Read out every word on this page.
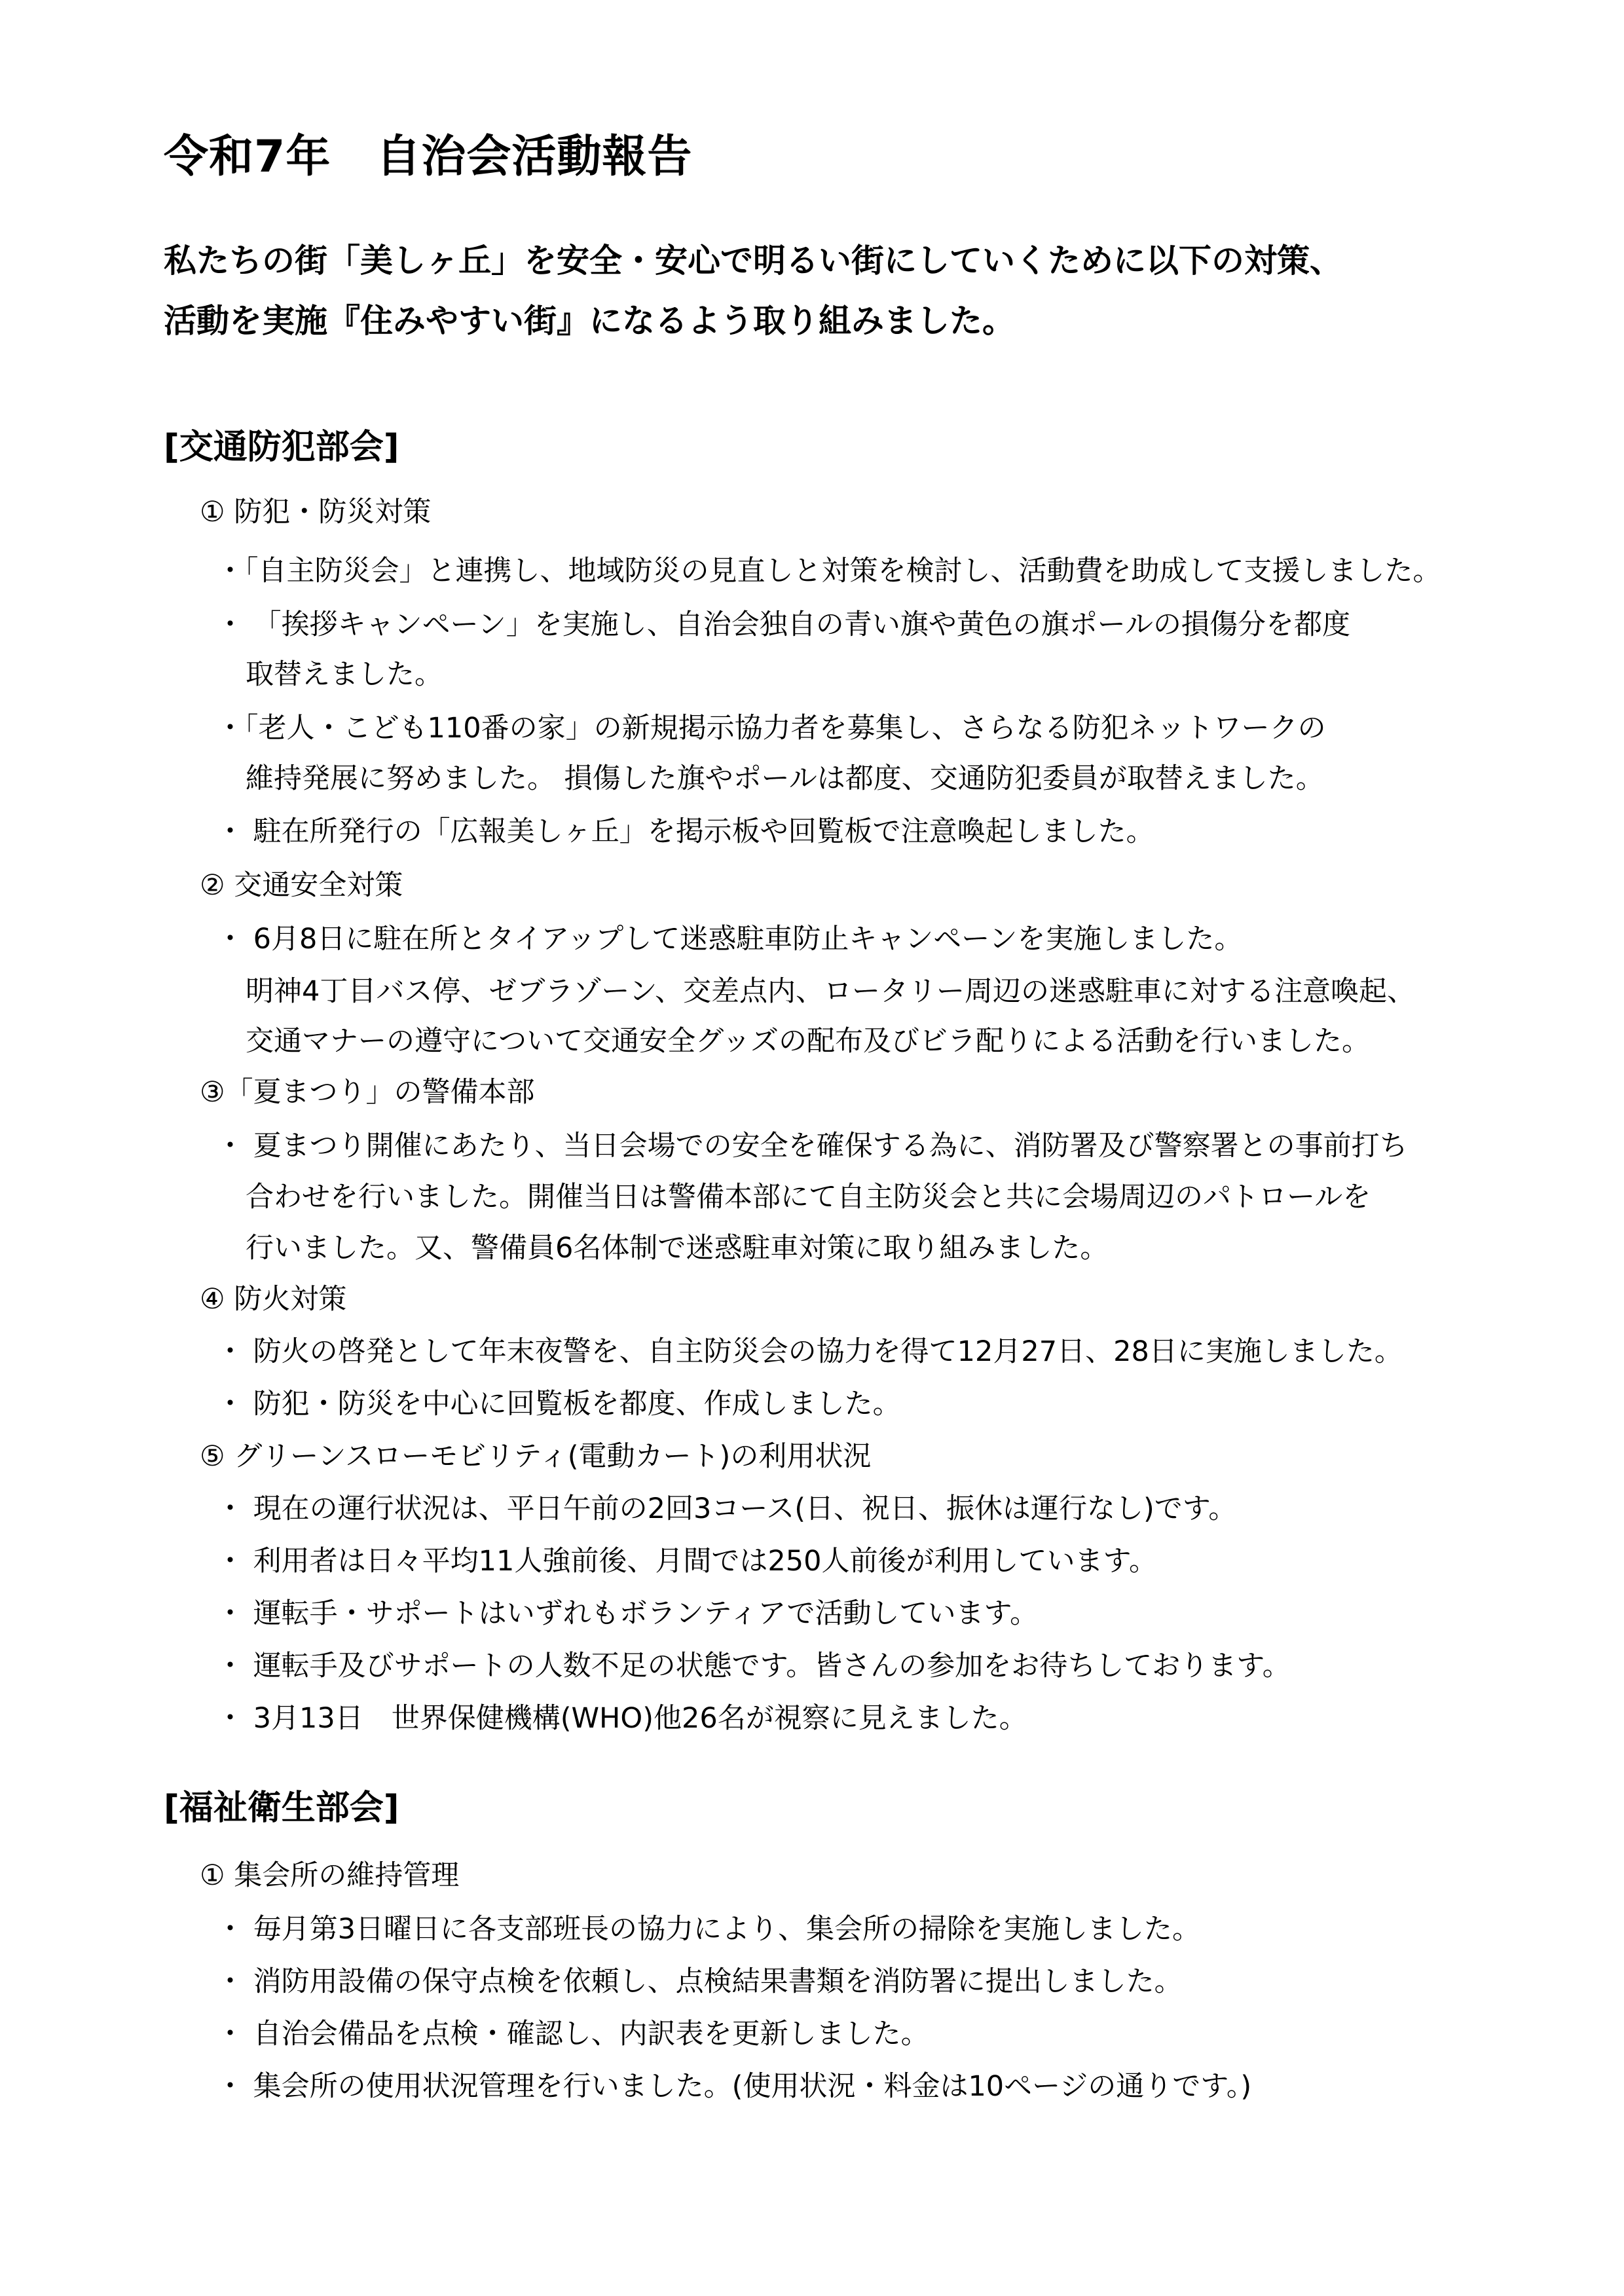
令和7年　自治会活動報告
私たちの街「美しヶ丘」を安全・安心で明るい街にしていくために以下の対策、
活動を実施『住みやすい街』になるよう取り組みました。
[交通防犯部会]
① 防犯・防災対策
・「自主防災会」と連携し、地域防災の見直しと対策を検討し、活動費を助成して支援しました。
・ 「挨拶キャンペーン」を実施し、自治会独自の青い旗や黄色の旗ポールの損傷分を都度
取替えました。
・「老人・こども110番の家」の新規掲示協力者を募集し、さらなる防犯ネットワークの
維持発展に努めました。 損傷した旗やポールは都度、交通防犯委員が取替えました。
・ 駐在所発行の「広報美しヶ丘」を掲示板や回覧板で注意喚起しました。
② 交通安全対策
・ 6月8日に駐在所とタイアップして迷惑駐車防止キャンペーンを実施しました。
明神4丁目バス停、ゼブラゾーン、交差点内、ロータリー周辺の迷惑駐車に対する注意喚起、
交通マナーの遵守について交通安全グッズの配布及びビラ配りによる活動を行いました。
③「夏まつり」の警備本部
・ 夏まつり開催にあたり、当日会場での安全を確保する為に、消防署及び警察署との事前打ち
合わせを行いました。開催当日は警備本部にて自主防災会と共に会場周辺のパトロールを
行いました。又、警備員6名体制で迷惑駐車対策に取り組みました。
④ 防火対策
・ 防火の啓発として年末夜警を、自主防災会の協力を得て12月27日、28日に実施しました。
・ 防犯・防災を中心に回覧板を都度、作成しました。
⑤ グリーンスローモビリティ(電動カート)の利用状況
・ 現在の運行状況は、平日午前の2回3コース(日、祝日、振休は運行なし)です。
・ 利用者は日々平均11人強前後、月間では250人前後が利用しています。
・ 運転手・サポートはいずれもボランティアで活動しています。
・ 運転手及びサポートの人数不足の状態です。皆さんの参加をお待ちしております。
・ 3月13日　世界保健機構(WHO)他26名が視察に見えました。
[福祉衛生部会]
① 集会所の維持管理
・ 毎月第3日曜日に各支部班長の協力により、集会所の掃除を実施しました。
・ 消防用設備の保守点検を依頼し、点検結果書類を消防署に提出しました。
・ 自治会備品を点検・確認し、内訳表を更新しました。
・ 集会所の使用状況管理を行いました。(使用状況・料金は10ページの通りです。)
